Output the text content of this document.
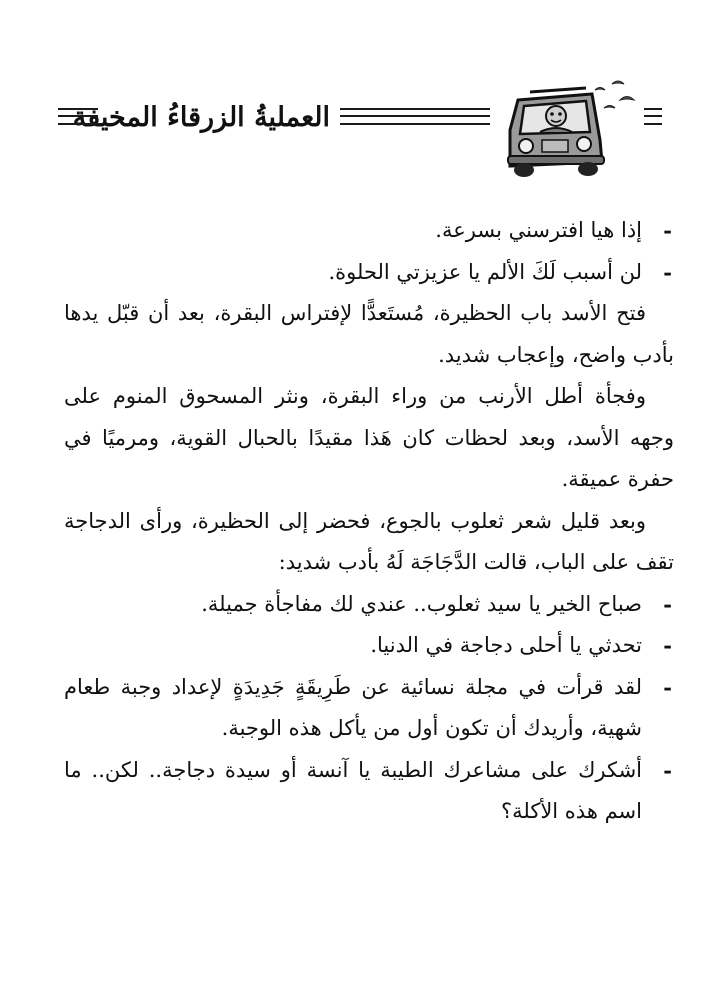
العمليةُ الزرقاءُ المخيفة

-
إذا هيا افترسني بسرعة.

-
لن أسبب لَكَ الألم يا عزيزتي الحلوة.

فتح الأسد باب الحظيرة، مُستَعدًّا لإفتراس البقرة، بعد أن قبّل يدها بأدب واضح، وإعجاب شديد.

وفجأة أطل الأرنب من وراء البقرة، ونثر المسحوق المنوم على وجهه الأسد، وبعد لحظات كان هَذا مقيدًا بالحبال القوية، ومرميًا في حفرة عميقة.

وبعد قليل شعر ثعلوب بالجوع، فحضر إلى الحظيرة، ورأى الدجاجة تقف على الباب، قالت الدَّجَاجَة لَهُ بأدب شديد:

-
صباح الخير يا سيد ثعلوب.. عندي لك مفاجأة جميلة.

-
تحدثي يا أحلى دجاجة في الدنيا.

-
لقد قرأت في مجلة نسائية عن طَرِيقَةٍ جَدِيدَةٍ لإعداد وجبة طعام شهية، وأريدك أن تكون أول من يأكل هذه الوجبة.

-
أشكرك على مشاعرك الطيبة يا آنسة أو سيدة دجاجة.. لكن.. ما اسم هذه الأكلة؟
